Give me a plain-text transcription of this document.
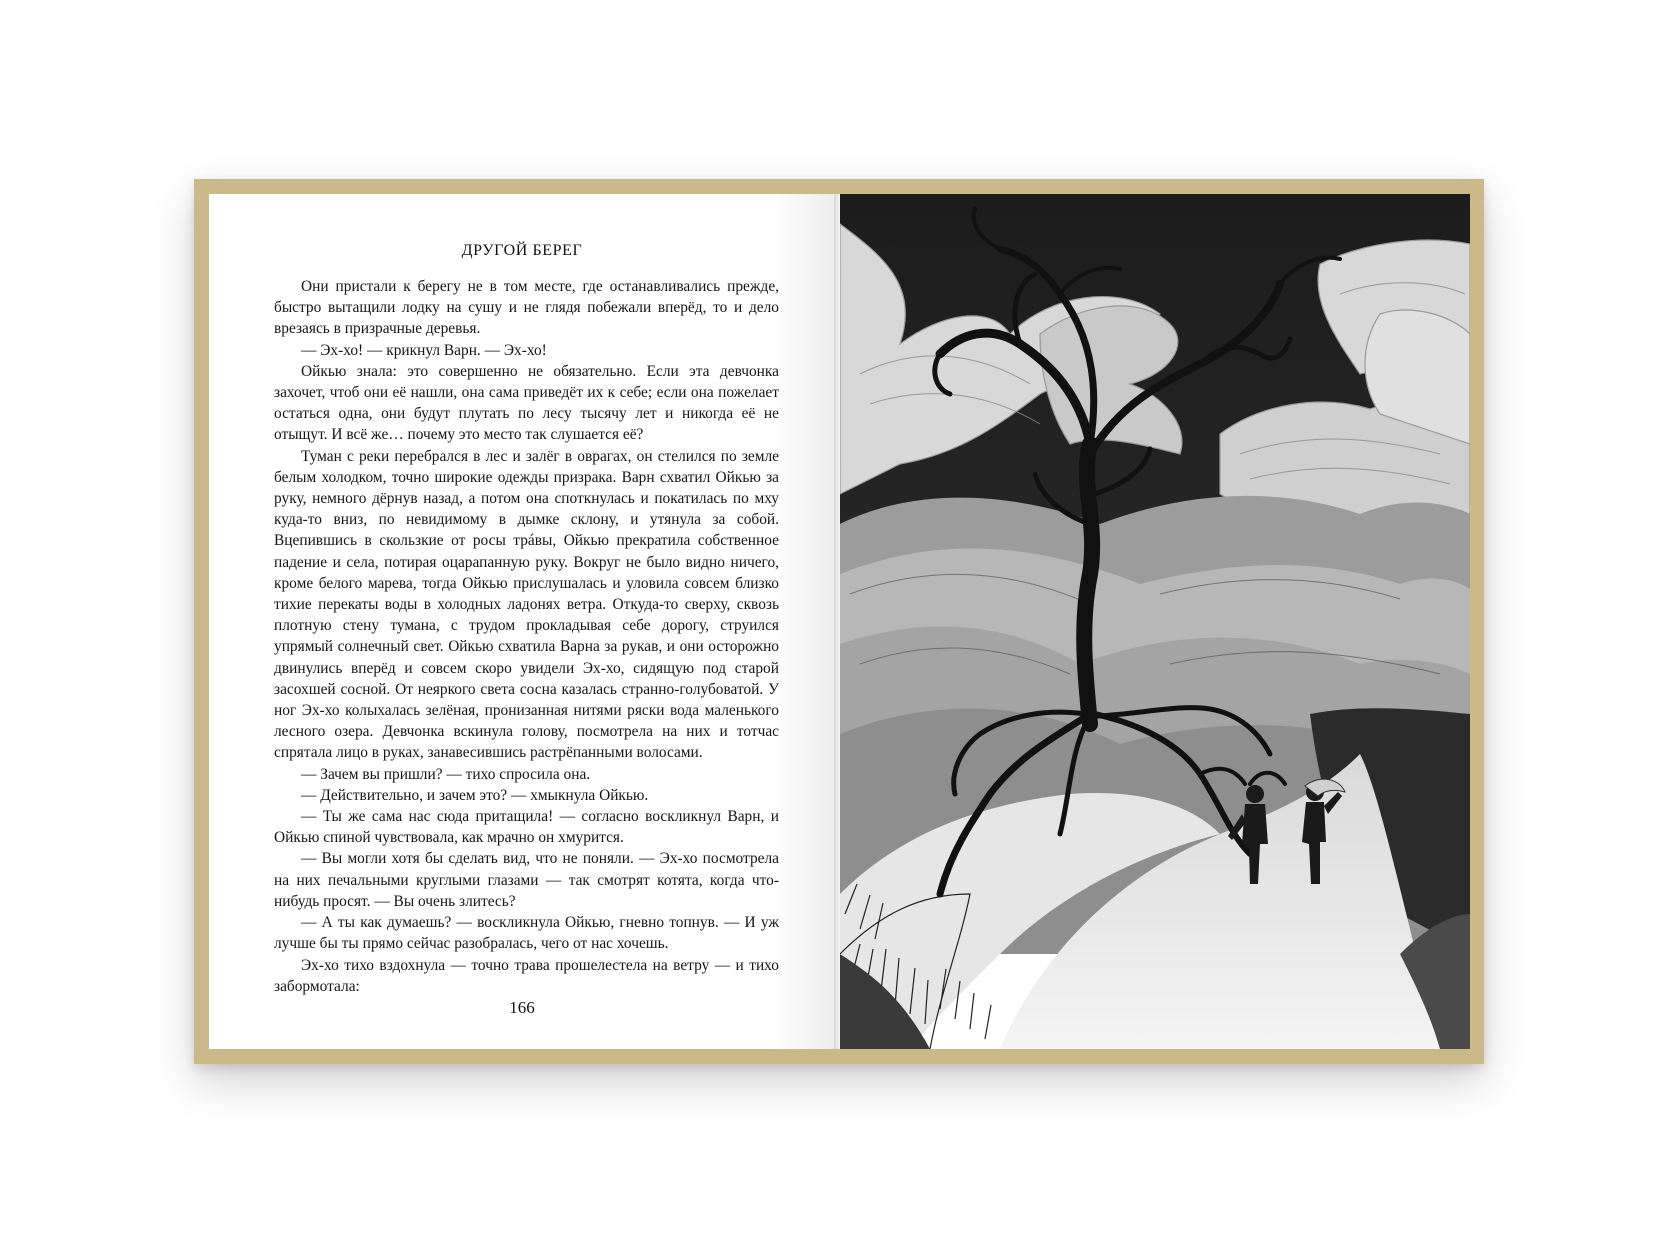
ДРУГОЙ БЕРЕГ

Они пристали к берегу не в том месте, где останавливались прежде, быстро вытащили лодку на сушу и не глядя побежали вперёд, то и дело врезаясь в призрачные деревья.

— Эх-хо! — крикнул Варн. — Эх-хо!

Ойкью знала: это совершенно не обязательно. Если эта девчонка захочет, чтоб они её нашли, она сама приведёт их к себе; если она пожелает остаться одна, они будут плутать по лесу тысячу лет и никогда её не отыщут. И всё же… почему это место так слушается её?

Туман с реки перебрался в лес и залёг в оврагах, он стелился по земле белым холодком, точно широкие одежды призрака. Варн схватил Ойкью за руку, немного дёрнув назад, а потом она споткнулась и покатилась по мху куда-то вниз, по невидимому в дымке склону, и утянула за собой. Вцепившись в скользкие от росы трáвы, Ойкью прекратила собственное падение и села, потирая оцарапанную руку. Вокруг не было видно ничего, кроме белого марева, тогда Ойкью прислушалась и уловила совсем близко тихие перекаты воды в холодных ладонях ветра. Откуда-то сверху, сквозь плотную стену тумана, с трудом прокладывая себе дорогу, струился упрямый солнечный свет. Ойкью схватила Варна за рукав, и они осторожно двинулись вперёд и совсем скоро увидели Эх-хо, сидящую под старой засохшей сосной. От неяркого света сосна казалась странно-голубоватой. У ног Эх-хо колыхалась зелёная, пронизанная нитями ряски вода маленького лесного озера. Девчонка вскинула голову, посмотрела на них и тотчас спрятала лицо в руках, занавесившись растрёпанными волосами.

— Зачем вы пришли? — тихо спросила она.

— Действительно, и зачем это? — хмыкнула Ойкью.

— Ты же сама нас сюда притащила! — согласно воскликнул Варн, и Ойкью спиной чувствовала, как мрачно он хмурится.

— Вы могли хотя бы сделать вид, что не поняли. — Эх-хо посмотрела на них печальными круглыми глазами — так смотрят котята, когда что-нибудь просят. — Вы очень злитесь?

— А ты как думаешь? — воскликнула Ойкью, гневно топнув. — И уж лучше бы ты прямо сейчас разобралась, чего от нас хочешь.

Эх-хо тихо вздохнула — точно трава прошелестела на ветру — и тихо забормотала:

166
